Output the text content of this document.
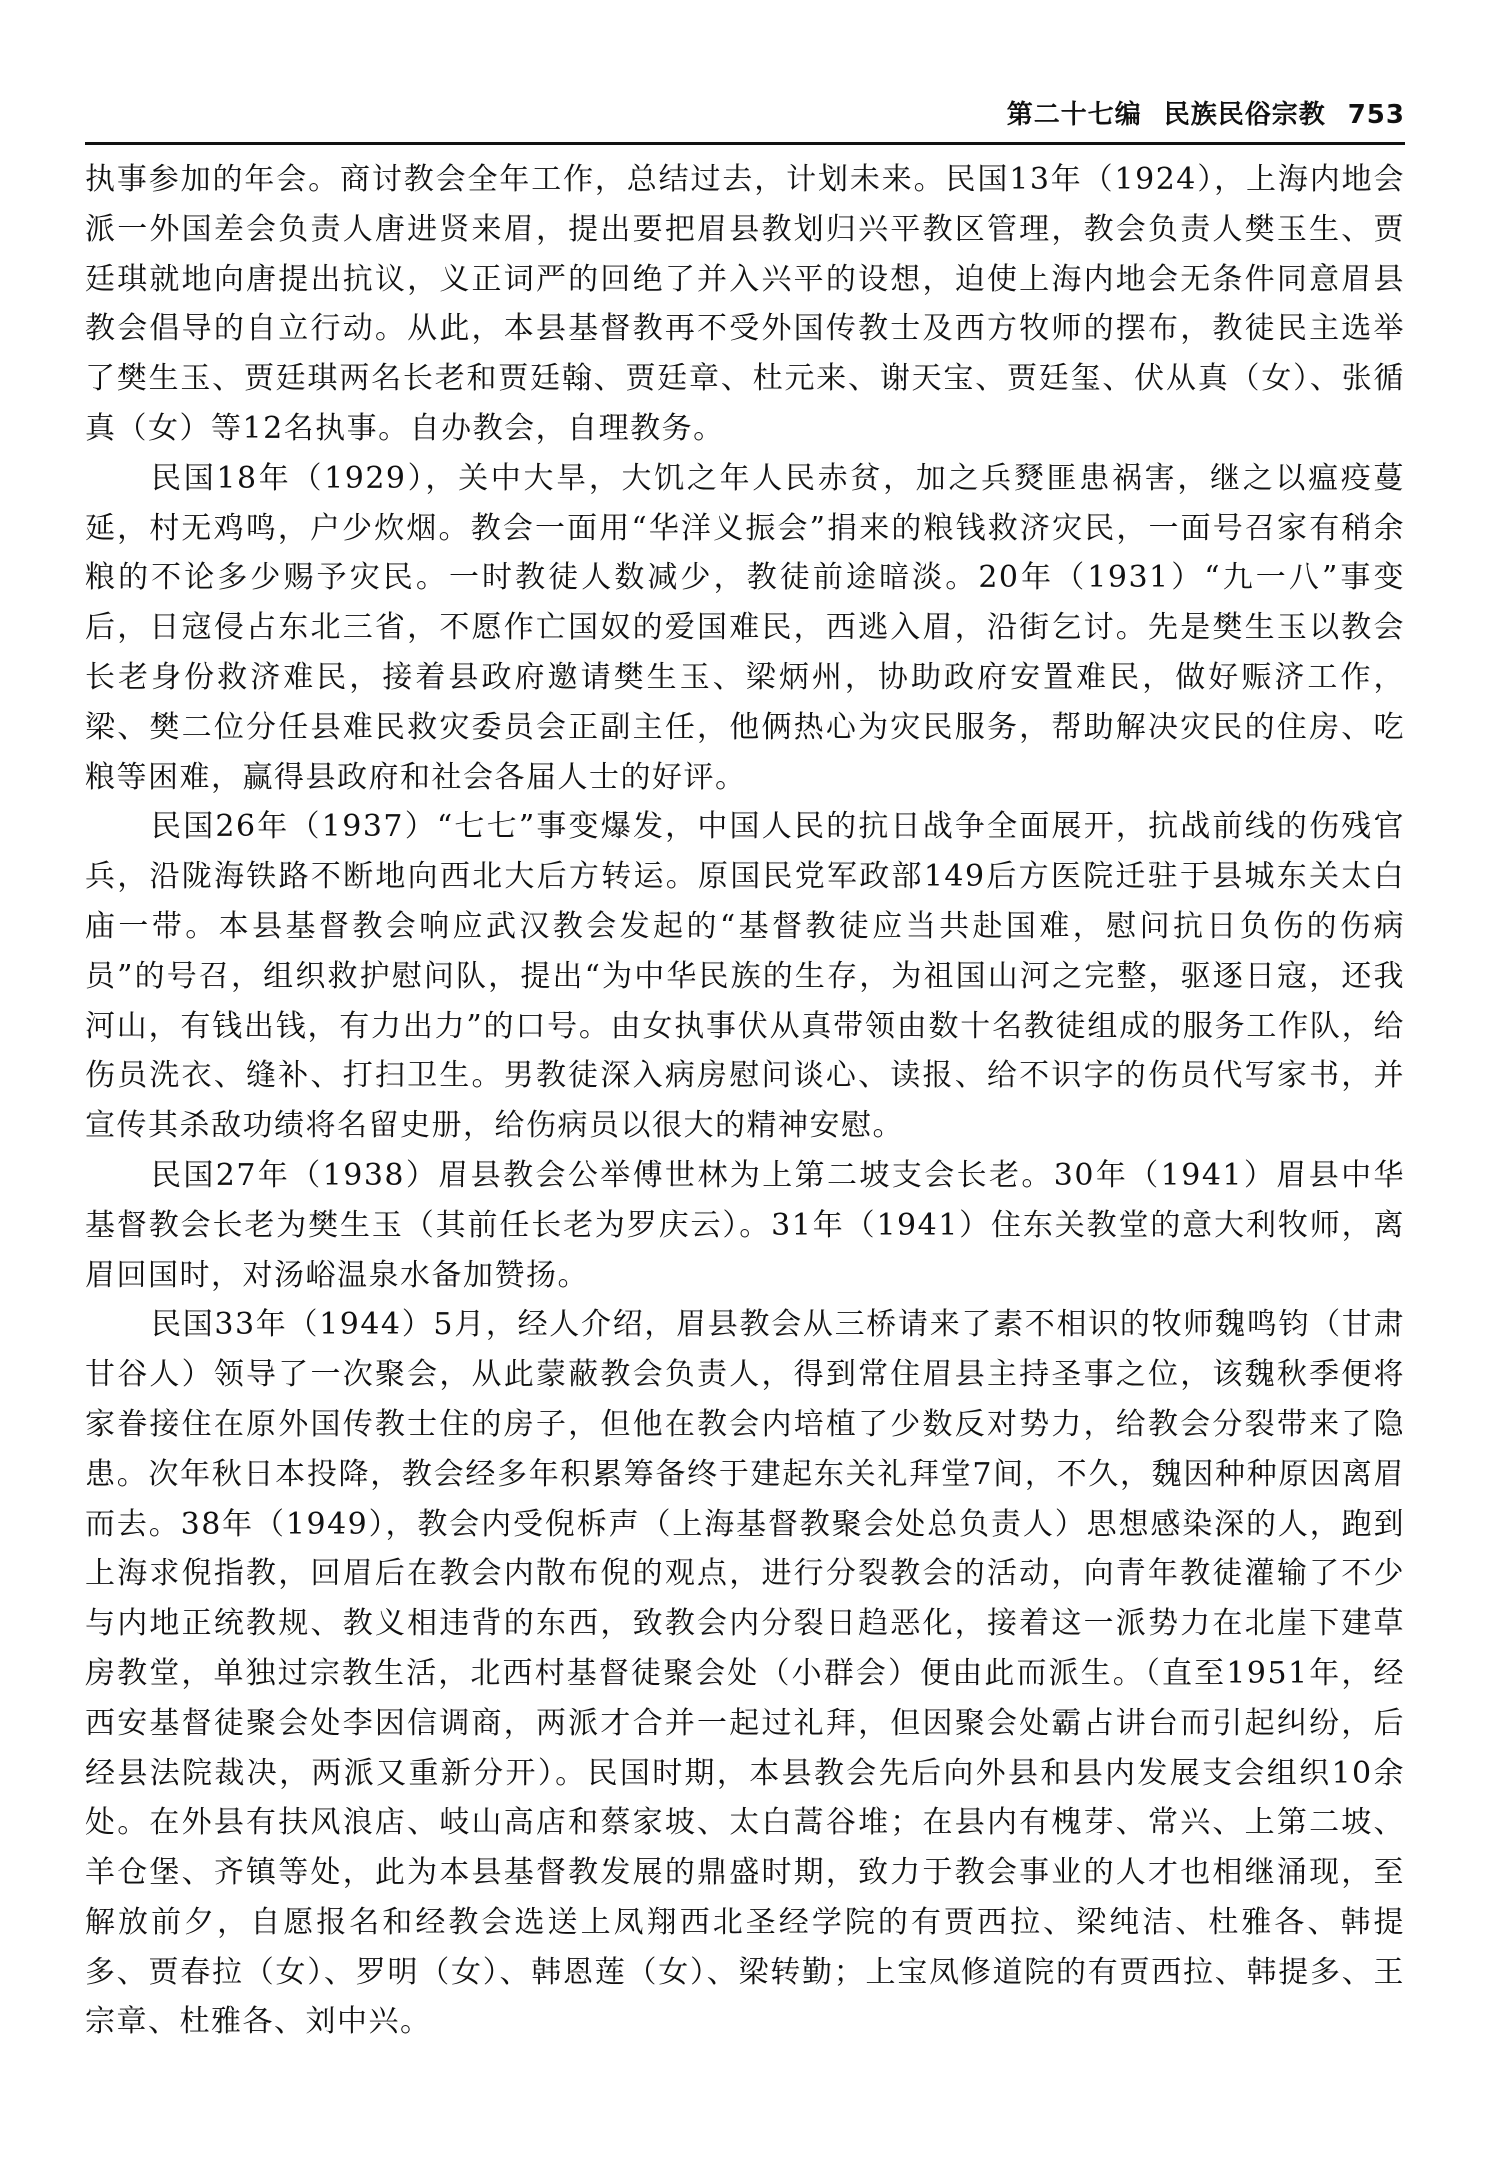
第二十七编 民族民俗宗教 753

执事参加的年会。商讨教会全年工作，总结过去，计划未来。民国13年（1924），上海内地会派一外国差会负责人唐进贤来眉，提出要把眉县教划归兴平教区管理，教会负责人樊玉生、贾廷琪就地向唐提出抗议，义正词严的回绝了并入兴平的设想，迫使上海内地会无条件同意眉县教会倡导的自立行动。从此，本县基督教再不受外国传教士及西方牧师的摆布，教徒民主选举了樊生玉、贾廷琪两名长老和贾廷翰、贾廷章、杜元来、谢天宝、贾廷玺、伏从真（女）、张循真（女）等12名执事。自办教会，自理教务。

民国18年（1929），关中大旱，大饥之年人民赤贫，加之兵燹匪患祸害，继之以瘟疫蔓延，村无鸡鸣，户少炊烟。教会一面用“华洋义振会”捐来的粮钱救济灾民，一面号召家有稍余粮的不论多少赐予灾民。一时教徒人数减少，教徒前途暗淡。20年（1931）“九一八”事变后，日寇侵占东北三省，不愿作亡国奴的爱国难民，西逃入眉，沿街乞讨。先是樊生玉以教会长老身份救济难民，接着县政府邀请樊生玉、梁炳州，协助政府安置难民，做好赈济工作，梁、樊二位分任县难民救灾委员会正副主任，他俩热心为灾民服务，帮助解决灾民的住房、吃粮等困难，赢得县政府和社会各届人士的好评。

民国26年（1937）“七七”事变爆发，中国人民的抗日战争全面展开，抗战前线的伤残官兵，沿陇海铁路不断地向西北大后方转运。原国民党军政部149后方医院迁驻于县城东关太白庙一带。本县基督教会响应武汉教会发起的“基督教徒应当共赴国难，慰问抗日负伤的伤病员”的号召，组织救护慰问队，提出“为中华民族的生存，为祖国山河之完整，驱逐日寇，还我河山，有钱出钱，有力出力”的口号。由女执事伏从真带领由数十名教徒组成的服务工作队，给伤员洗衣、缝补、打扫卫生。男教徒深入病房慰问谈心、读报、给不识字的伤员代写家书，并宣传其杀敌功绩将名留史册，给伤病员以很大的精神安慰。

民国27年（1938）眉县教会公举傅世林为上第二坡支会长老。30年（1941）眉县中华基督教会长老为樊生玉（其前任长老为罗庆云）。31年（1941）住东关教堂的意大利牧师，离眉回国时，对汤峪温泉水备加赞扬。

民国33年（1944）5月，经人介绍，眉县教会从三桥请来了素不相识的牧师魏鸣钧（甘肃甘谷人）领导了一次聚会，从此蒙蔽教会负责人，得到常住眉县主持圣事之位，该魏秋季便将家眷接住在原外国传教士住的房子，但他在教会内培植了少数反对势力，给教会分裂带来了隐患。次年秋日本投降，教会经多年积累筹备终于建起东关礼拜堂7间，不久，魏因种种原因离眉而去。38年（1949），教会内受倪柝声（上海基督教聚会处总负责人）思想感染深的人，跑到上海求倪指教，回眉后在教会内散布倪的观点，进行分裂教会的活动，向青年教徒灌输了不少与内地正统教规、教义相违背的东西，致教会内分裂日趋恶化，接着这一派势力在北崖下建草房教堂，单独过宗教生活，北西村基督徒聚会处（小群会）便由此而派生。（直至1951年，经西安基督徒聚会处李因信调商，两派才合并一起过礼拜，但因聚会处霸占讲台而引起纠纷，后经县法院裁决，两派又重新分开）。民国时期，本县教会先后向外县和县内发展支会组织10余处。在外县有扶风浪店、岐山高店和蔡家坡、太白蒿谷堆；在县内有槐芽、常兴、上第二坡、羊仓堡、齐镇等处，此为本县基督教发展的鼎盛时期，致力于教会事业的人才也相继涌现，至解放前夕，自愿报名和经教会选送上凤翔西北圣经学院的有贾西拉、梁纯洁、杜雅各、韩提多、贾春拉（女）、罗明（女）、韩恩莲（女）、梁转勤；上宝凤修道院的有贾西拉、韩提多、王宗章、杜雅各、刘中兴。
